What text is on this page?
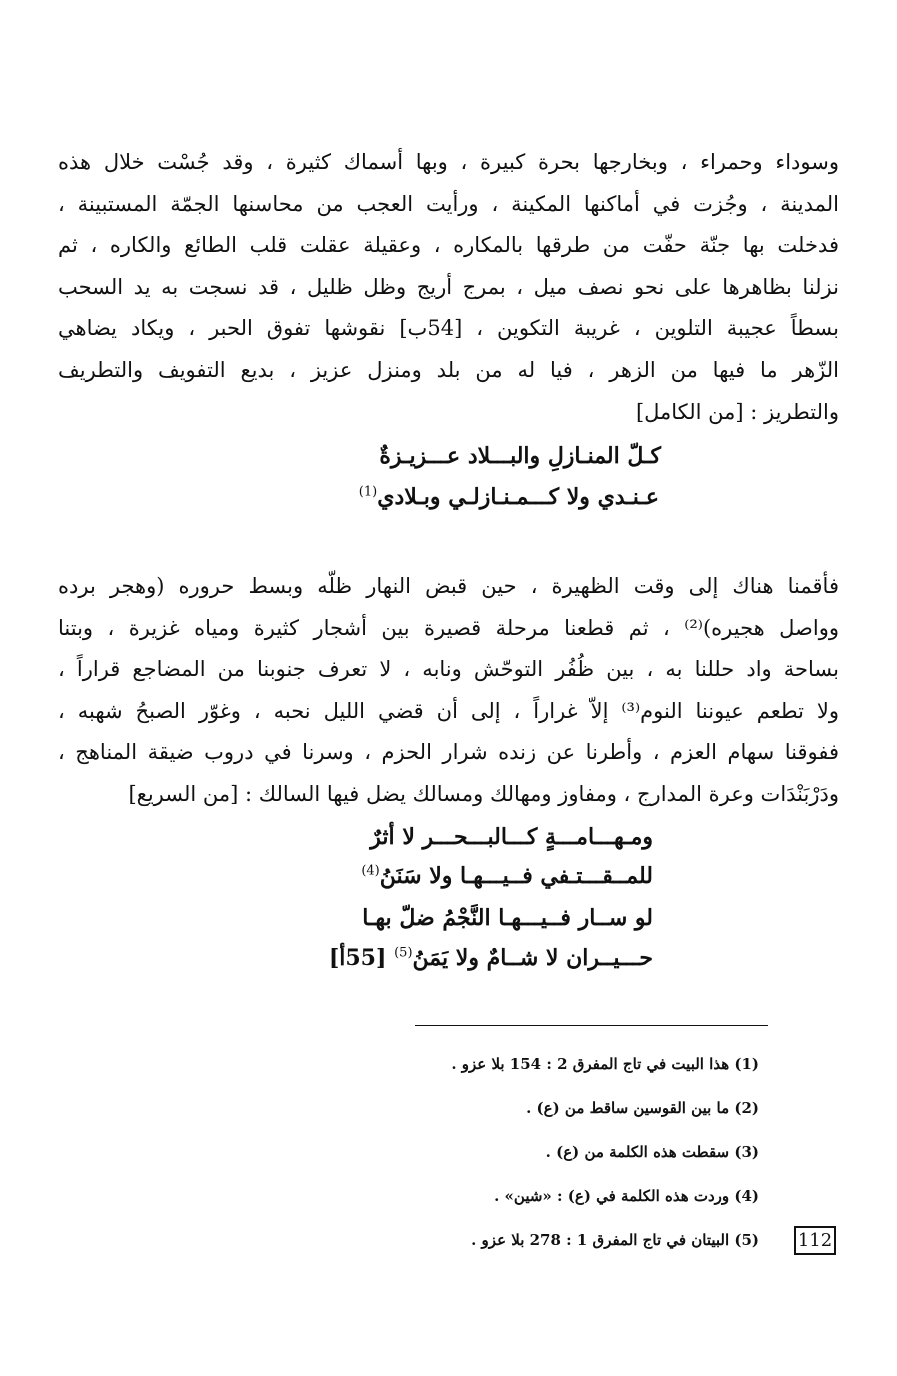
وسوداء وحمراء ، وبخارجها بحرة كبيرة ، وبها أسماك كثيرة ، وقد جُسْت خلال هذه
المدينة ، وجُزت في أماكنها المكينة ، ورأيت العجب من محاسنها الجمّة المستبينة ،
فدخلت بها جنّة حفّت من طرقها بالمكاره ، وعقيلة عقلت قلب الطائع والكاره ، ثم
نزلنا بظاهرها على نحو نصف ميل ، بمرج أريج وظل ظليل ، قد نسجت به يد السحب
بسطاً عجيبة التلوين ، غريبة التكوين ، [54ب] نقوشها تفوق الحبر ، ويكاد يضاهي
الزّهر ما فيها من الزهر ، فيا له من بلد ومنزل عزيز ، بديع التفويف والتطريف
والتطريز : [من الكامل]
كـلّ المنـازلِ والبـــلاد عـــزيـزةٌ
عـنـدي ولا كـــمـنـازلـي وبـلادي$^{(1)}$
فأقمنا هناك إلى وقت الظهيرة ، حين قبض النهار ظلّه وبسط حروره (وهجر برده
وواصل هجيره)⁽²⁾ ، ثم قطعنا مرحلة قصيرة بين أشجار كثيرة ومياه غزيرة ، وبتنا
بساحة واد حللنا به ، بين ظُفُر التوحّش ونابه ، لا تعرف جنوبنا من المضاجع قراراً ،
ولا تطعم عيوننا النوم⁽³⁾ إلاّ غراراً ، إلى أن قضي الليل نحبه ، وغوّر الصبحُ شهبه ،
ففوقنا سهام العزم ، وأطرنا عن زنده شرار الحزم ، وسرنا في دروب ضيقة المناهج ،
ودَرْبَنْدَات وعرة المدارج ، ومفاوز ومهالك ومسالك يضل فيها السالك : [من السريع]
ومـهـــامـــةٍ كـــالبـــحـــر لا أثرٌ
للمــقـــتـفي فــيـــهـا ولا سَنَنُ$^{(4)}$
لو ســار فــيـــهـا النَّجْمُ ضلّ بهـا
حـــيــران لا شــامٌ ولا يَمَنُ$^{(5)}$ [55أ]
(1) هذا البيت في تاج المفرق 2 : 154 بلا عزو .
(2) ما بين القوسين ساقط من (ع) .
(3) سقطت هذه الكلمة من (ع) .
(4) وردت هذه الكلمة في (ع) : «شين» .
(5) البيتان في تاج المفرق 1 : 278 بلا عزو . 112
